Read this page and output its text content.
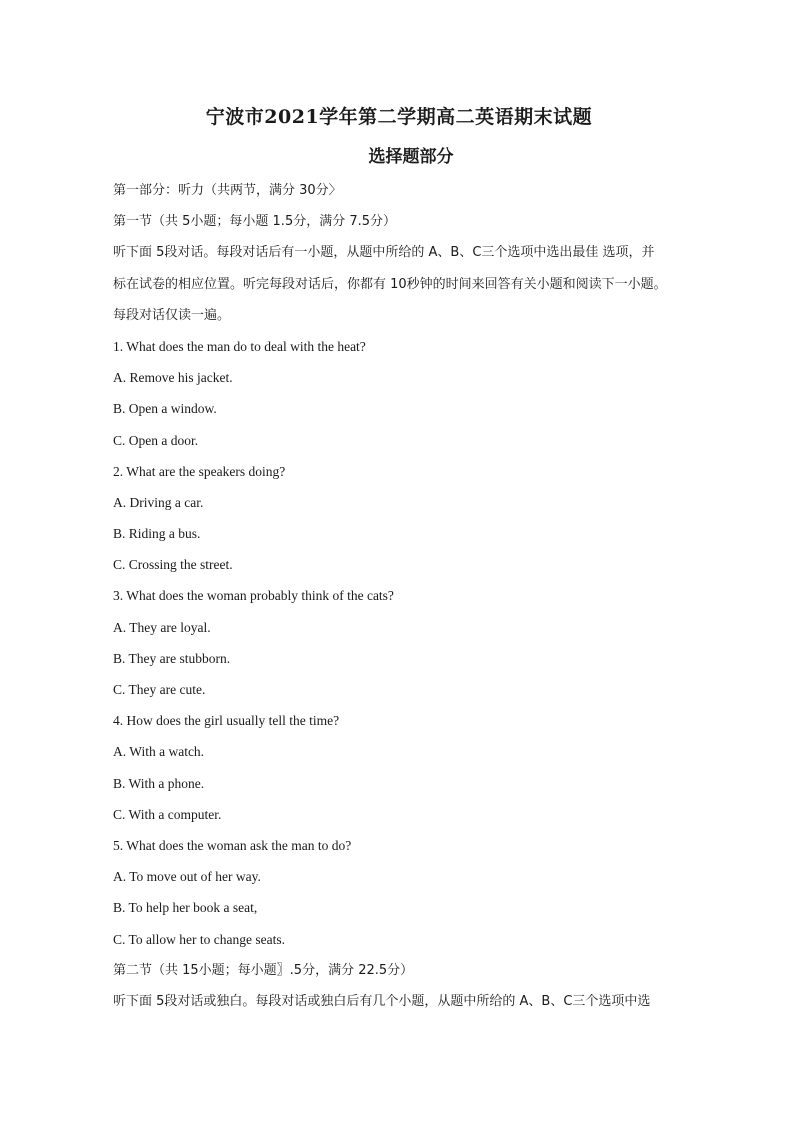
宁波市2021学年第二学期高二英语期末试题
选择题部分
第一部分：听力（共两节，满分 30分〉
第一节（共 5小题；每小题 1.5分，满分 7.5分）
听下面 5段对话。每段对话后有一小题，从题中所给的 A、B、C三个选项中选出最佳 选项，并
标在试卷的相应位置。听完每段对话后，你都有 10秒钟的时间来回答有关小题和阅读下一小题。
每段对话仅读一遍。
1. What does the man do to deal with the heat?
A. Remove his jacket.
B. Open a window.
C. Open a door.
2. What are the speakers doing?
A. Driving a car.
B. Riding a bus.
C. Crossing the street.
3. What does the woman probably think of the cats?
A. They are loyal.
B. They are stubborn.
C. They are cute.
4. How does the girl usually tell the time?
A. With a watch.
B. With a phone.
C. With a computer.
5. What does the woman ask the man to do?
A. To move out of her way.
B. To help her book a seat,
C. To allow her to change seats.
第二节（共 15小题；每小题〗.5分，满分 22.5分）
听下面 5段对话或独白。每段对话或独白后有几个小题，从题中所给的 A、B、C三个选项中选
